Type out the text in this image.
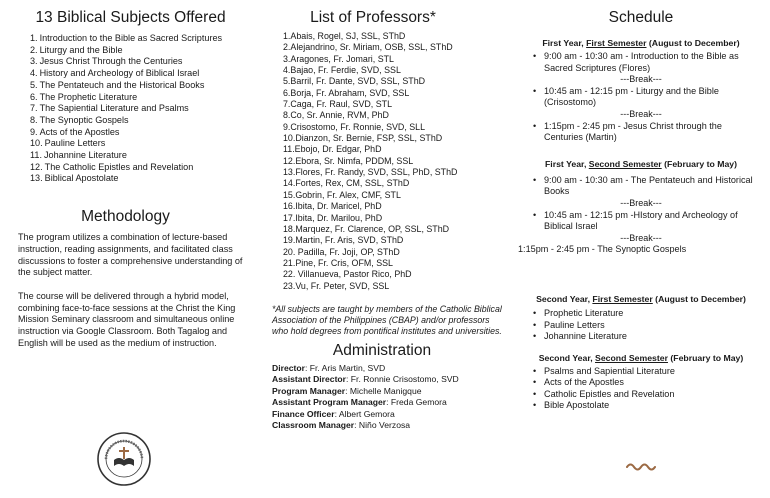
13 Biblical Subjects Offered
1. Introduction to the Bible as Sacred Scriptures
2. Liturgy and the Bible
3. Jesus Christ Through the Centuries
4. History and Archeology of Biblical Israel
5. The Pentateuch and the Historical Books
6. The Prophetic Literature
7. The Sapiential Literature and Psalms
8. The Synoptic Gospels
9. Acts of the Apostles
10. Pauline Letters
11. Johannine Literature
12. The Catholic Epistles and Revelation
13. Biblical Apostolate
Methodology

The program utilizes a combination of lecture-based instruction, reading assignments, and facilitated class discussions to foster a comprehensive understanding of the subject matter.

The course will be delivered through a hybrid model, combining face-to-face sessions at the Christ the King Mission Seminary classroom and simultaneous online instruction via Google Classroom. Both Tagalog and English will be used as the medium of instruction.

List of Professors*
1.Abais, Rogel, SJ, SSL, SThD
2.Alejandrino, Sr. Miriam, OSB, SSL, SThD
3.Aragones, Fr. Jomari, STL
4.Bajao, Fr. Ferdie, SVD, SSL
5.Barril, Fr. Dante, SVD, SSL, SThD
6.Borja, Fr. Abraham, SVD, SSL
7.Caga, Fr. Raul, SVD, STL
8.Co, Sr. Annie, RVM, PhD
9.Crisostomo, Fr. Ronnie, SVD, SLL
10.Dianzon, Sr. Bernie, FSP, SSL, SThD
11.Ebojo, Dr. Edgar, PhD
12.Ebora, Sr. Nimfa, PDDM, SSL
13.Flores, Fr. Randy, SVD, SSL, PhD, SThD
14.Fortes, Rex, CM, SSL, SThD
15.Gobrin, Fr. Alex, CMF, STL
16.Ibita, Dr. Maricel, PhD
17.Ibita, Dr. Marilou, PhD
18.Marquez, Fr. Clarence, OP, SSL, SThD
19.Martin, Fr. Aris, SVD, SThD
20. Padilla, Fr. Joji, OP, SThD
21.Pine, Fr. Cris, OFM, SSL
22. Villanueva, Pastor Rico, PhD
23.Vu, Fr. Peter, SVD, SSL

*All subjects are taught by members of the Catholic Biblical Association of the Philippines (CBAP) and/or professors who hold degrees from pontifical institutes and universities.

Administration
Director: Fr. Aris Martin, SVD
Assistant Director: Fr. Ronnie Crisostomo, SVD
Program Manager: Michelle Manigque
Assistant Program Manager: Freda Gemora
Finance Officer: Albert Gemora
Classroom Manager: Niño Verzosa
Schedule
First Year, First Semester (August to December)
• 9:00 am - 10:30 am - Introduction to the Bible as Sacred Scriptures (Flores)
---Break---
• 10:45 am - 12:15 pm - Liturgy and the Bible (Crisostomo)
---Break---
• 1:15pm - 2:45 pm - Jesus Christ through the Centuries (Martin)
First Year, Second Semester (February to May)
• 9:00 am - 10:30 am - The Pentateuch and Historical Books
---Break---
• 10:45 am - 12:15 pm -HIstory and Archeology of Biblical Israel
---Break---
1:15pm - 2:45 pm - The Synoptic Gospels
Second Year, First Semester (August to December)
• Prophetic Literature
• Pauline Letters
• Johannine Literature
Second Year, Second Semester (February to May)
• Psalms and Sapiential Literature
• Acts of the Apostles
• Catholic Epistles and Revelation
• Bible Apostolate
